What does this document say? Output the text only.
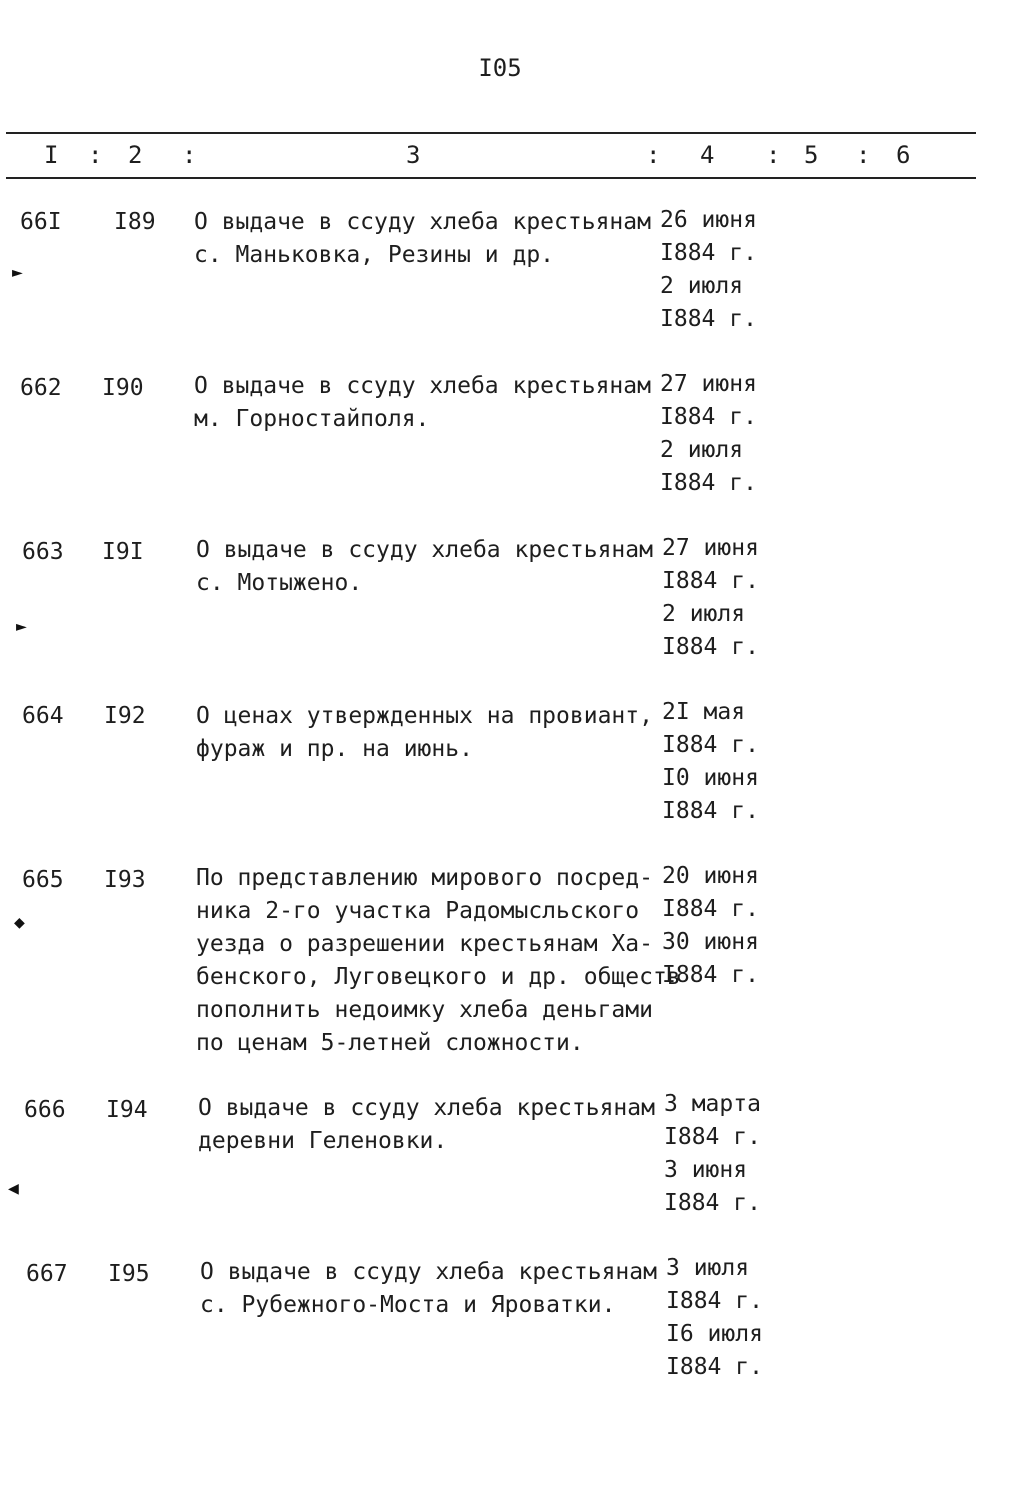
I05
I : 2 :	3	: 4 : 5 : 6
66I I89 О выдаче в ссуду хлеба крестьянам
с. Маньковка, Резины и др.
26 июня
I884 г.
2 июля
I884 г.
662 I90 О выдаче в ссуду хлеба крестьянам
м. Горностайполя.
27 июня
I884 г.
2 июля
I884 г.
663 I9I О выдаче в ссуду хлеба крестьянам
с. Мотыжено.
27 июня
I884 г.
2 июля
I884 г.
664 I92 О ценах утвержденных на провиант,
фураж и пр. на июнь.
2I мая
I884 г.
I0 июня
I884 г.
665 I93 По представлению мирового посред-
ника 2-го участка Радомысльского
уезда о разрешении крестьянам Ха-
бенского, Луговецкого и др. обществ
пополнить недоимку хлеба деньгами
по ценам 5-летней сложности.
20 июня
I884 г.
30 июня
I884 г.
666 I94 О выдаче в ссуду хлеба крестьянам
деревни Геленовки.
3 марта
I884 г.
3 июня
I884 г.
667 I95 О выдаче в ссуду хлеба крестьянам
с. Рубежного-Моста и Яроватки.
3 июля
I884 г.
I6 июля
I884 г.
►
►
◆
◀
